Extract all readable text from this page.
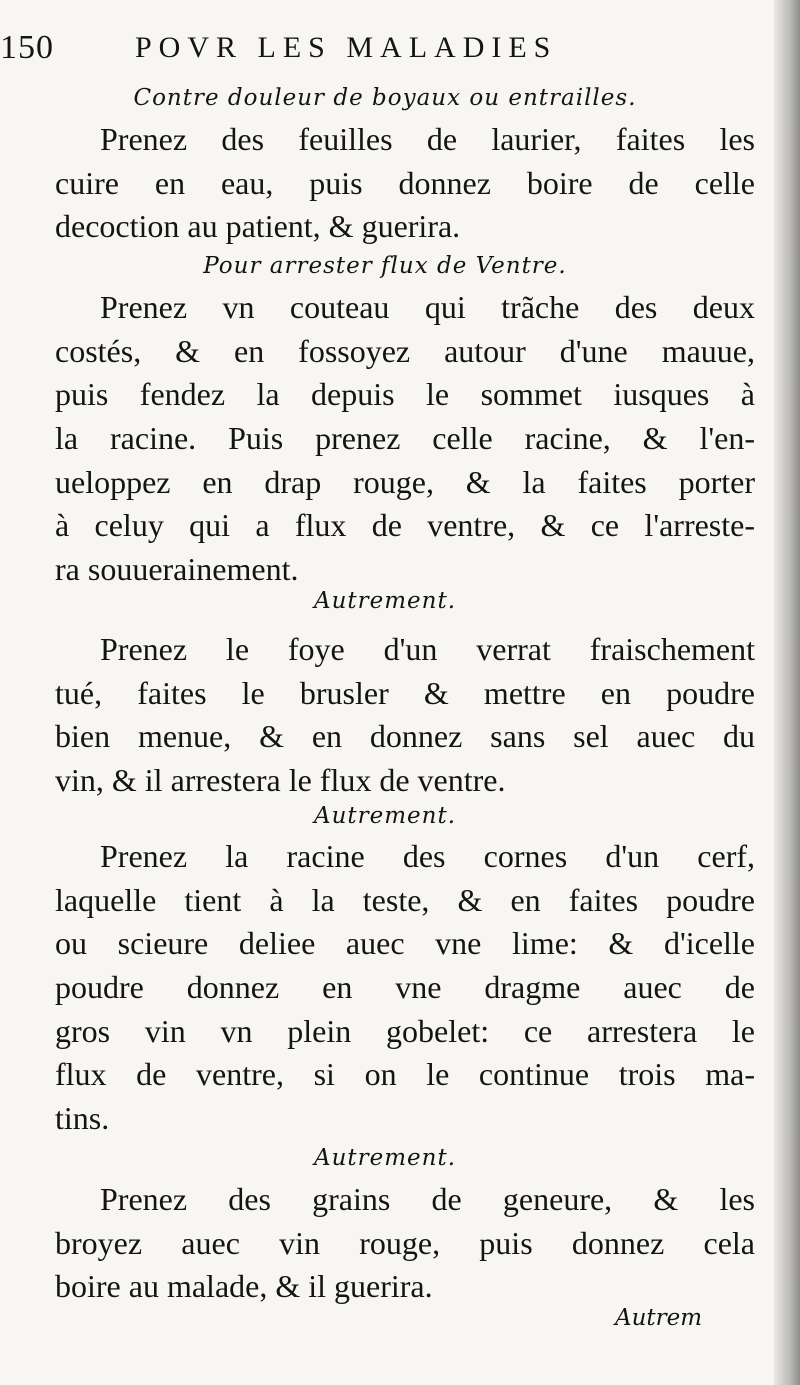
150	POVR LES MALADIES
Contre douleur de boyaux ou entrailles.
Prenez des feuilles de laurier, faites les
cuire en eau, puis donnez boire de celle
decoction au patient, & guerira.
Pour arrester flux de Ventre.
Prenez vn couteau qui trãche des deux
costés, & en fossoyez autour d'une mauue,
puis fendez la depuis le sommet iusques à
la racine. Puis prenez celle racine, & l'en-
ueloppez en drap rouge, & la faites porter
à celuy qui a flux de ventre, & ce l'arreste-
ra souuerainement.
Autrement.
Prenez le foye d'un verrat fraischement
tué, faites le brusler & mettre en poudre
bien menue, & en donnez sans sel auec du
vin, & il arrestera le flux de ventre.
Autrement.
Prenez la racine des cornes d'un cerf,
laquelle tient à la teste, & en faites poudre
ou scieure deliee auec vne lime: & d'icelle
poudre donnez en vne dragme auec de
gros vin vn plein gobelet: ce arrestera le
flux de ventre, si on le continue trois ma-
tins.
Autrement.
Prenez des grains de geneure, & les
broyez auec vin rouge, puis donnez cela
boire au malade, & il guerira.
Autrem
